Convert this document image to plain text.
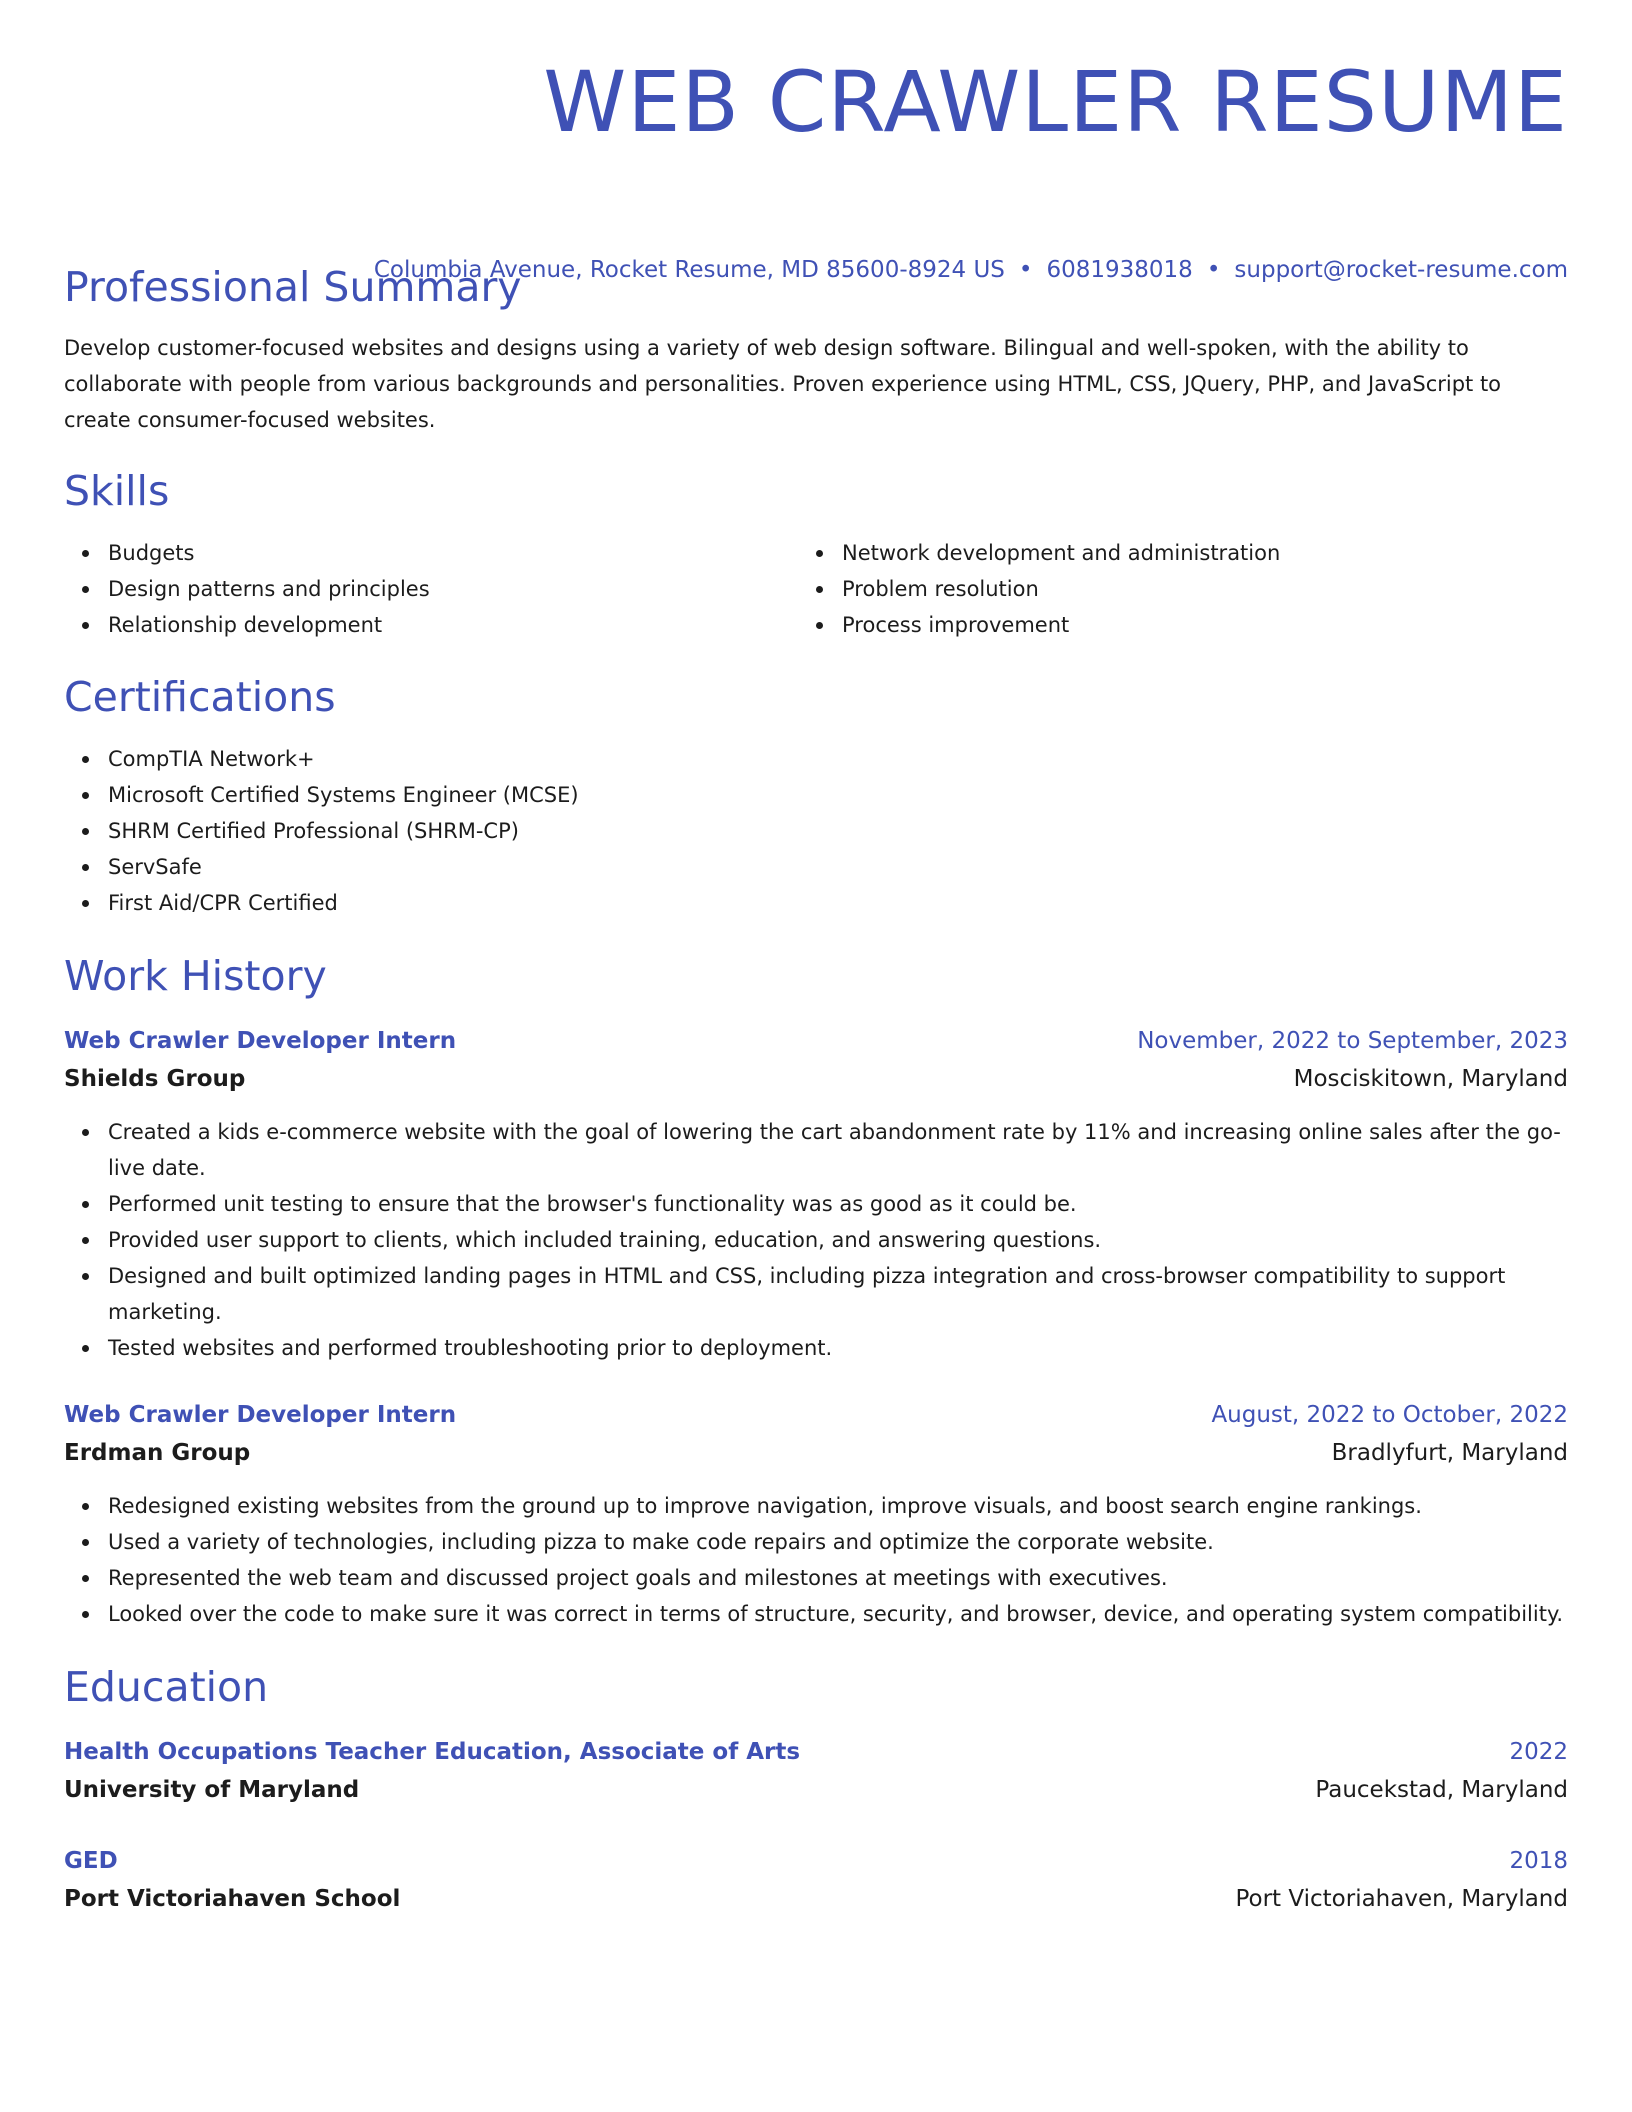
WEB CRAWLER RESUME
Columbia Avenue, Rocket Resume, MD 85600-8924 US • 6081938018 • support@rocket-resume.com
Professional Summary

Develop customer-focused websites and designs using a variety of web design software. Bilingual and well-spoken, with the ability to collaborate with people from various backgrounds and personalities. Proven experience using HTML, CSS, JQuery, PHP, and JavaScript to create consumer-focused websites.

Skills
Budgets
Design patterns and principles
Relationship development
Network development and administration
Problem resolution
Process improvement
Certifications
CompTIA Network+
Microsoft Certified Systems Engineer (MCSE)
SHRM Certified Professional (SHRM-CP)
ServSafe
First Aid/CPR Certified
Work History
Web Crawler Developer Intern	November, 2022 to September, 2023
Shields Group	Mosciskitown, Maryland
Created a kids e-commerce website with the goal of lowering the cart abandonment rate by 11% and increasing online sales after the go-live date.
Performed unit testing to ensure that the browser's functionality was as good as it could be.
Provided user support to clients, which included training, education, and answering questions.
Designed and built optimized landing pages in HTML and CSS, including pizza integration and cross-browser compatibility to support marketing.
Tested websites and performed troubleshooting prior to deployment.
Web Crawler Developer Intern	August, 2022 to October, 2022
Erdman Group	Bradlyfurt, Maryland
Redesigned existing websites from the ground up to improve navigation, improve visuals, and boost search engine rankings.
Used a variety of technologies, including pizza to make code repairs and optimize the corporate website.
Represented the web team and discussed project goals and milestones at meetings with executives.
Looked over the code to make sure it was correct in terms of structure, security, and browser, device, and operating system compatibility.
Education
Health Occupations Teacher Education, Associate of Arts	2022
University of Maryland	Paucekstad, Maryland
GED	2018
Port Victoriahaven School	Port Victoriahaven, Maryland
